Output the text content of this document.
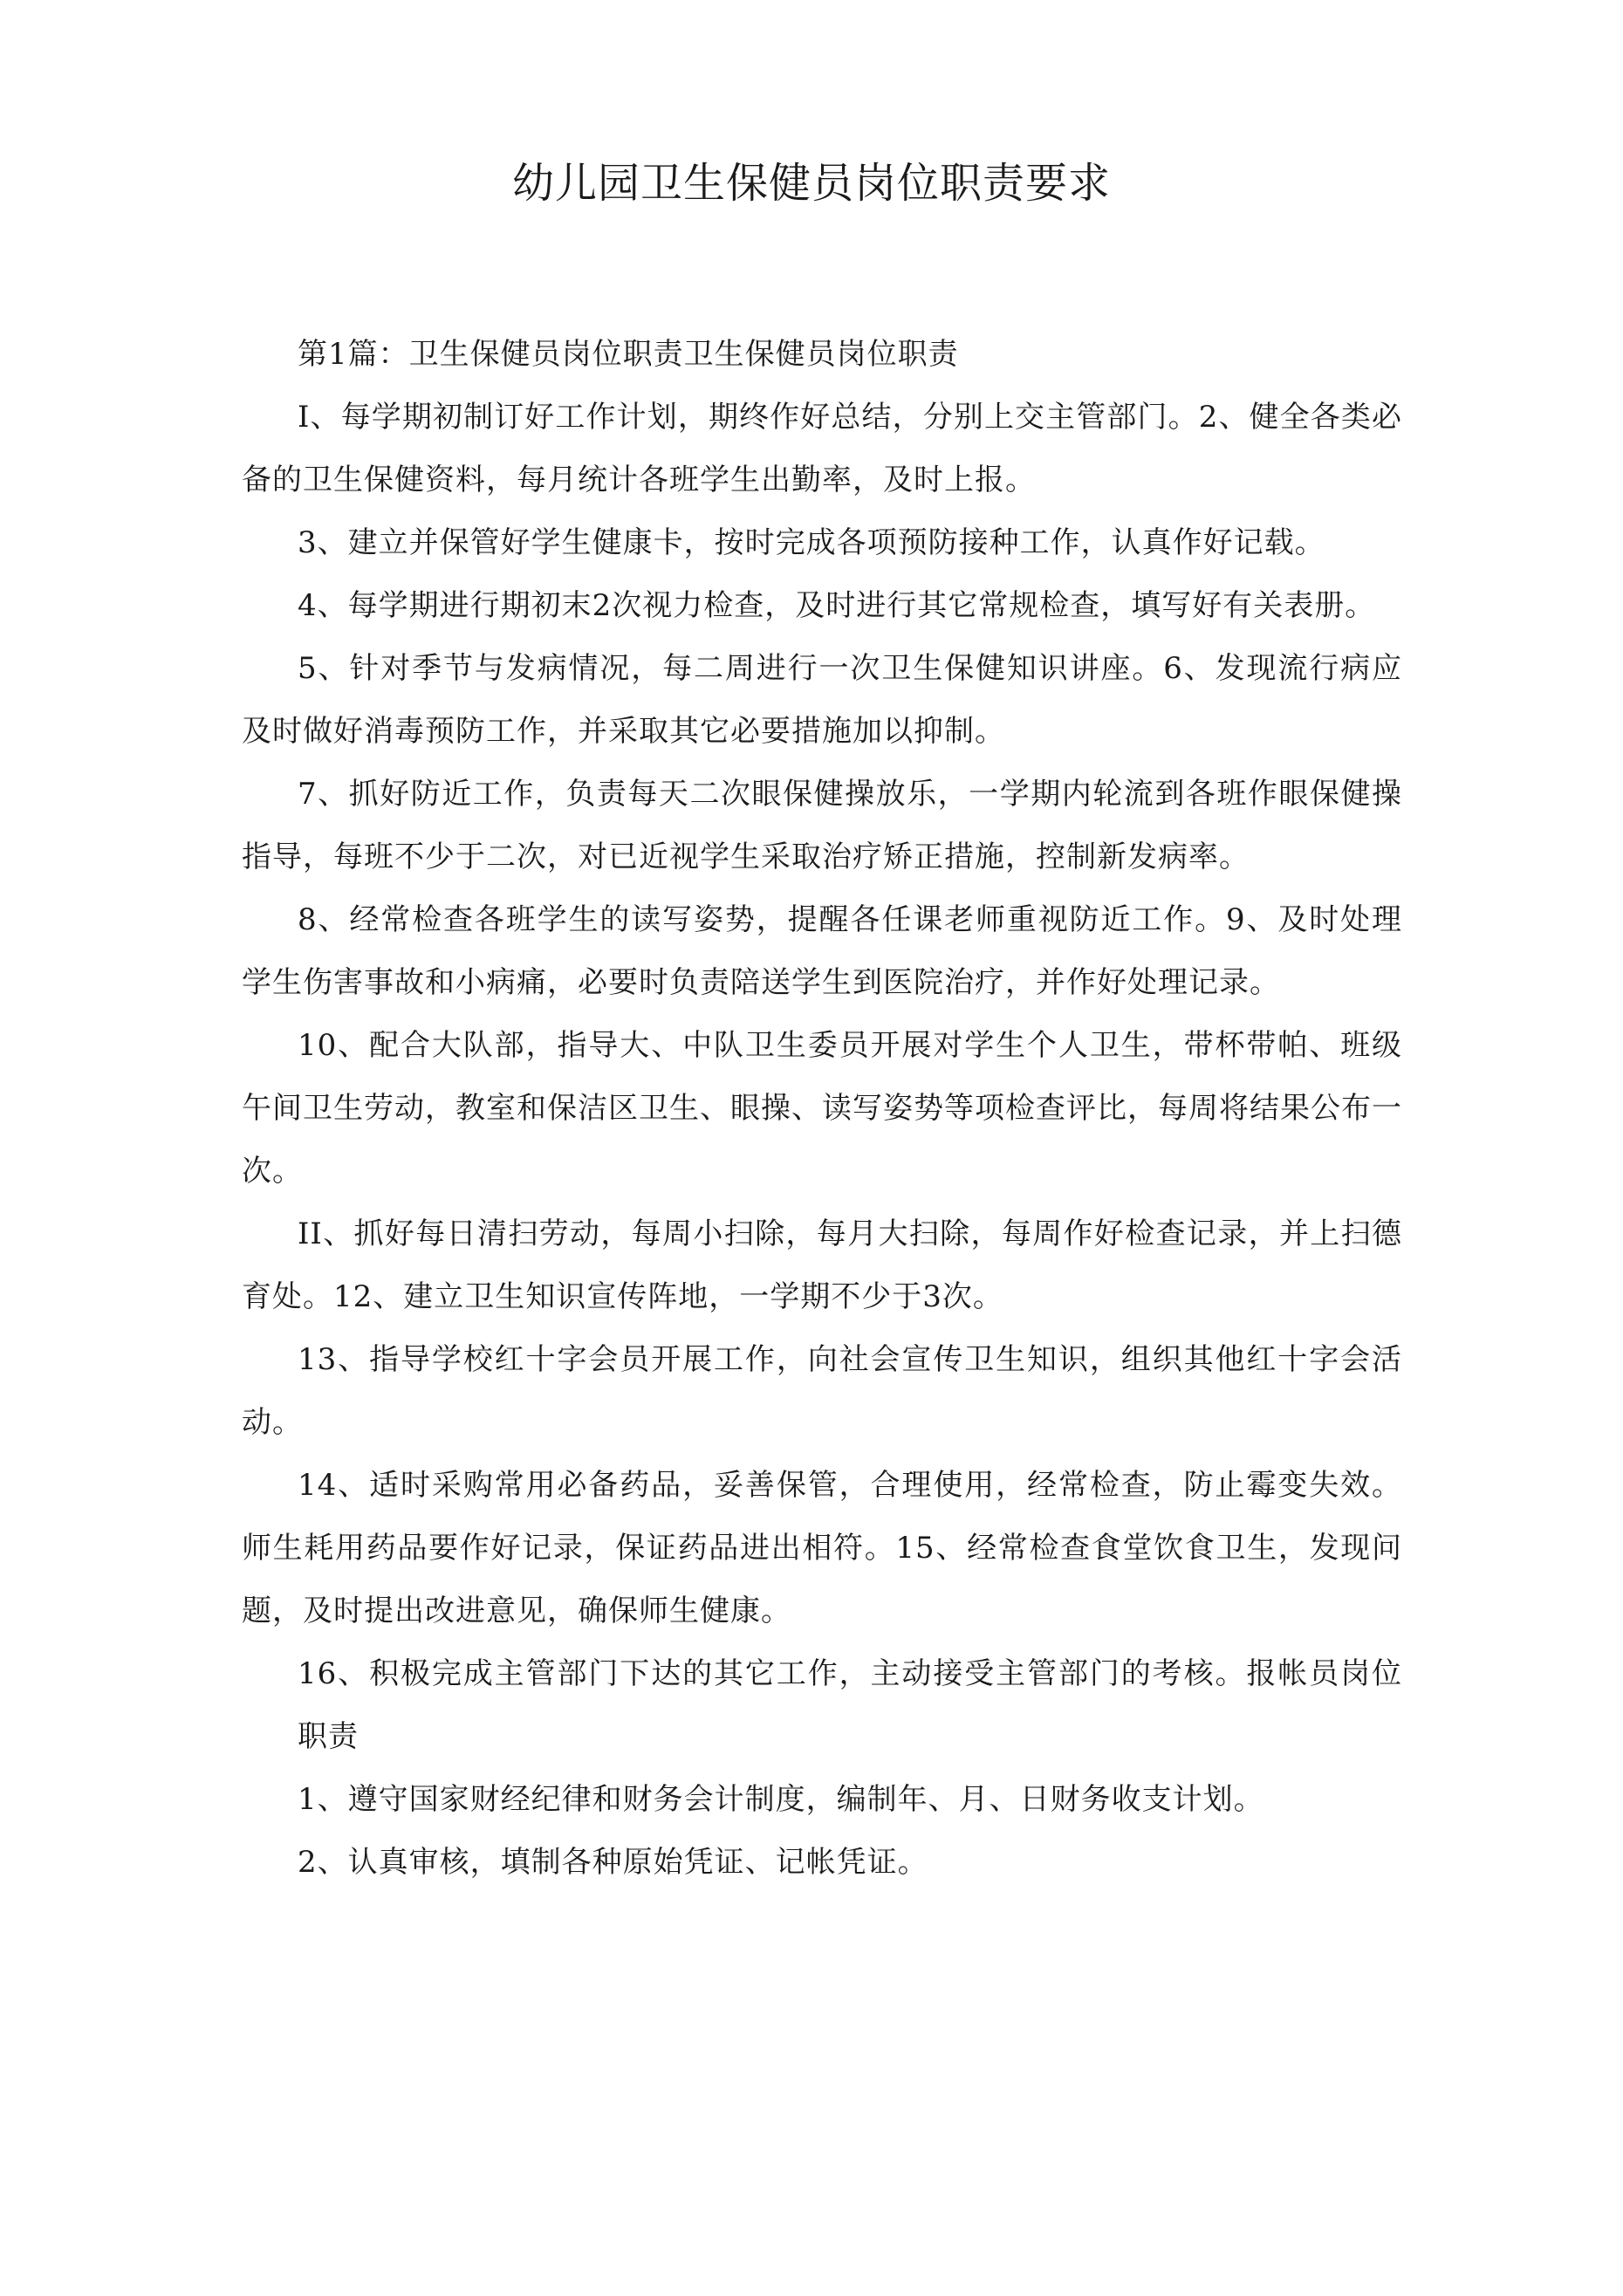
幼儿园卫生保健员岗位职责要求

第1篇：卫生保健员岗位职责卫生保健员岗位职责

I、每学期初制订好工作计划，期终作好总结，分别上交主管部门。2、健全各类必备的卫生保健资料，每月统计各班学生出勤率，及时上报。

3、建立并保管好学生健康卡，按时完成各项预防接种工作，认真作好记载。

4、每学期进行期初末2次视力检查，及时进行其它常规检查，填写好有关表册。

5、针对季节与发病情况，每二周进行一次卫生保健知识讲座。6、发现流行病应及时做好消毒预防工作，并采取其它必要措施加以抑制。

7、抓好防近工作，负责每天二次眼保健操放乐，一学期内轮流到各班作眼保健操指导，每班不少于二次，对已近视学生采取治疗矫正措施，控制新发病率。

8、经常检查各班学生的读写姿势，提醒各任课老师重视防近工作。9、及时处理学生伤害事故和小病痛，必要时负责陪送学生到医院治疗，并作好处理记录。

10、配合大队部，指导大、中队卫生委员开展对学生个人卫生，带杯带帕、班级午间卫生劳动，教室和保洁区卫生、眼操、读写姿势等项检查评比，每周将结果公布一次。

II、抓好每日清扫劳动，每周小扫除，每月大扫除，每周作好检查记录，并上扫德育处。12、建立卫生知识宣传阵地，一学期不少于3次。

13、指导学校红十字会员开展工作，向社会宣传卫生知识，组织其他红十字会活动。

14、适时采购常用必备药品，妥善保管，合理使用，经常检查，防止霉变失效。师生耗用药品要作好记录，保证药品进出相符。15、经常检查食堂饮食卫生，发现问题，及时提出改进意见，确保师生健康。

16、积极完成主管部门下达的其它工作，主动接受主管部门的考核。报帐员岗位职责

1、遵守国家财经纪律和财务会计制度，编制年、月、日财务收支计划。

2、认真审核，填制各种原始凭证、记帐凭证。
